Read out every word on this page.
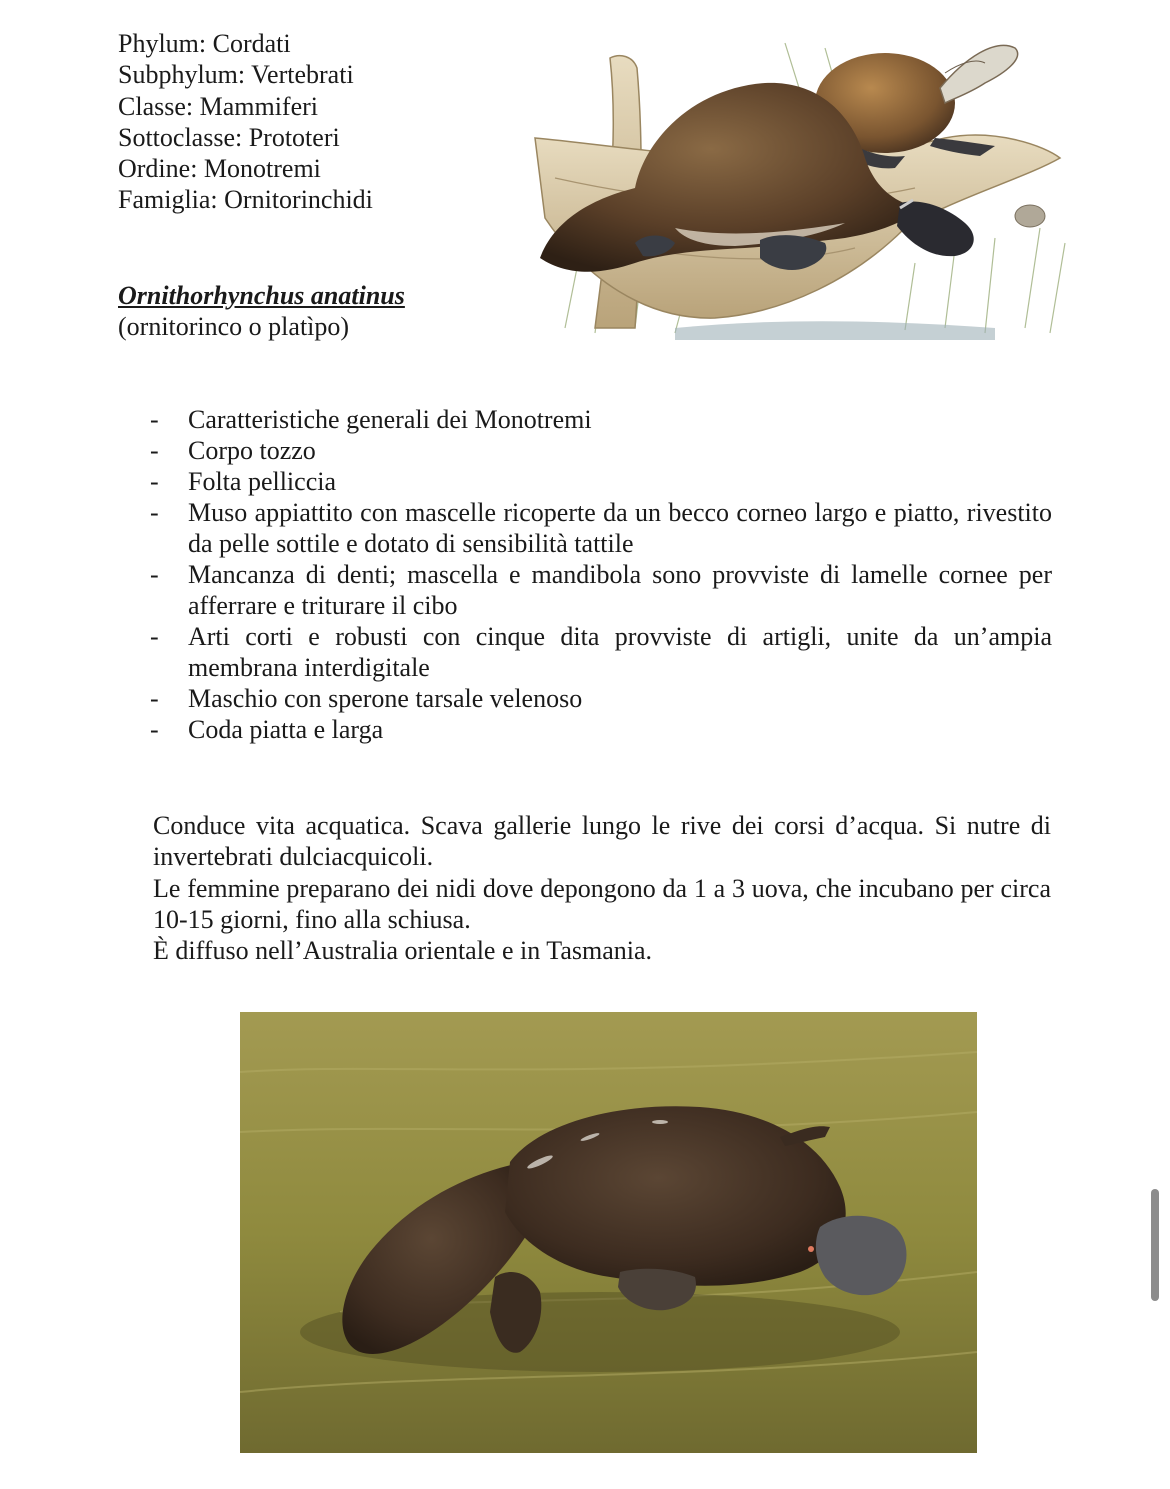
Phylum: Cordati
Subphylum: Vertebrati
Classe: Mammiferi
Sottoclasse: Prototeri
Ordine: Monotremi
Famiglia: Ornitorinchidi
Ornithorhynchus anatinus
(ornitorinco o platìpo)
-	Caratteristiche generali dei Monotremi
-	Corpo tozzo
-	Folta pelliccia
-	Muso appiattito con mascelle ricoperte da un becco corneo largo e piatto, rivestito da pelle sottile e dotato di sensibilità tattile
-	Mancanza di denti; mascella e mandibola sono provviste di lamelle cornee per afferrare e triturare il cibo
-	Arti corti e robusti con cinque dita provviste di artigli, unite da un’ampia membrana interdigitale
-	Maschio con sperone tarsale velenoso
-	Coda piatta e larga

Conduce vita acquatica. Scava gallerie lungo le rive dei corsi d’acqua. Si nutre di invertebrati dulciacquicoli.

Le femmine preparano dei nidi dove depongono da 1 a 3 uova, che incubano per circa 10-15 giorni, fino alla schiusa.

È diffuso nell’Australia orientale e in Tasmania.
